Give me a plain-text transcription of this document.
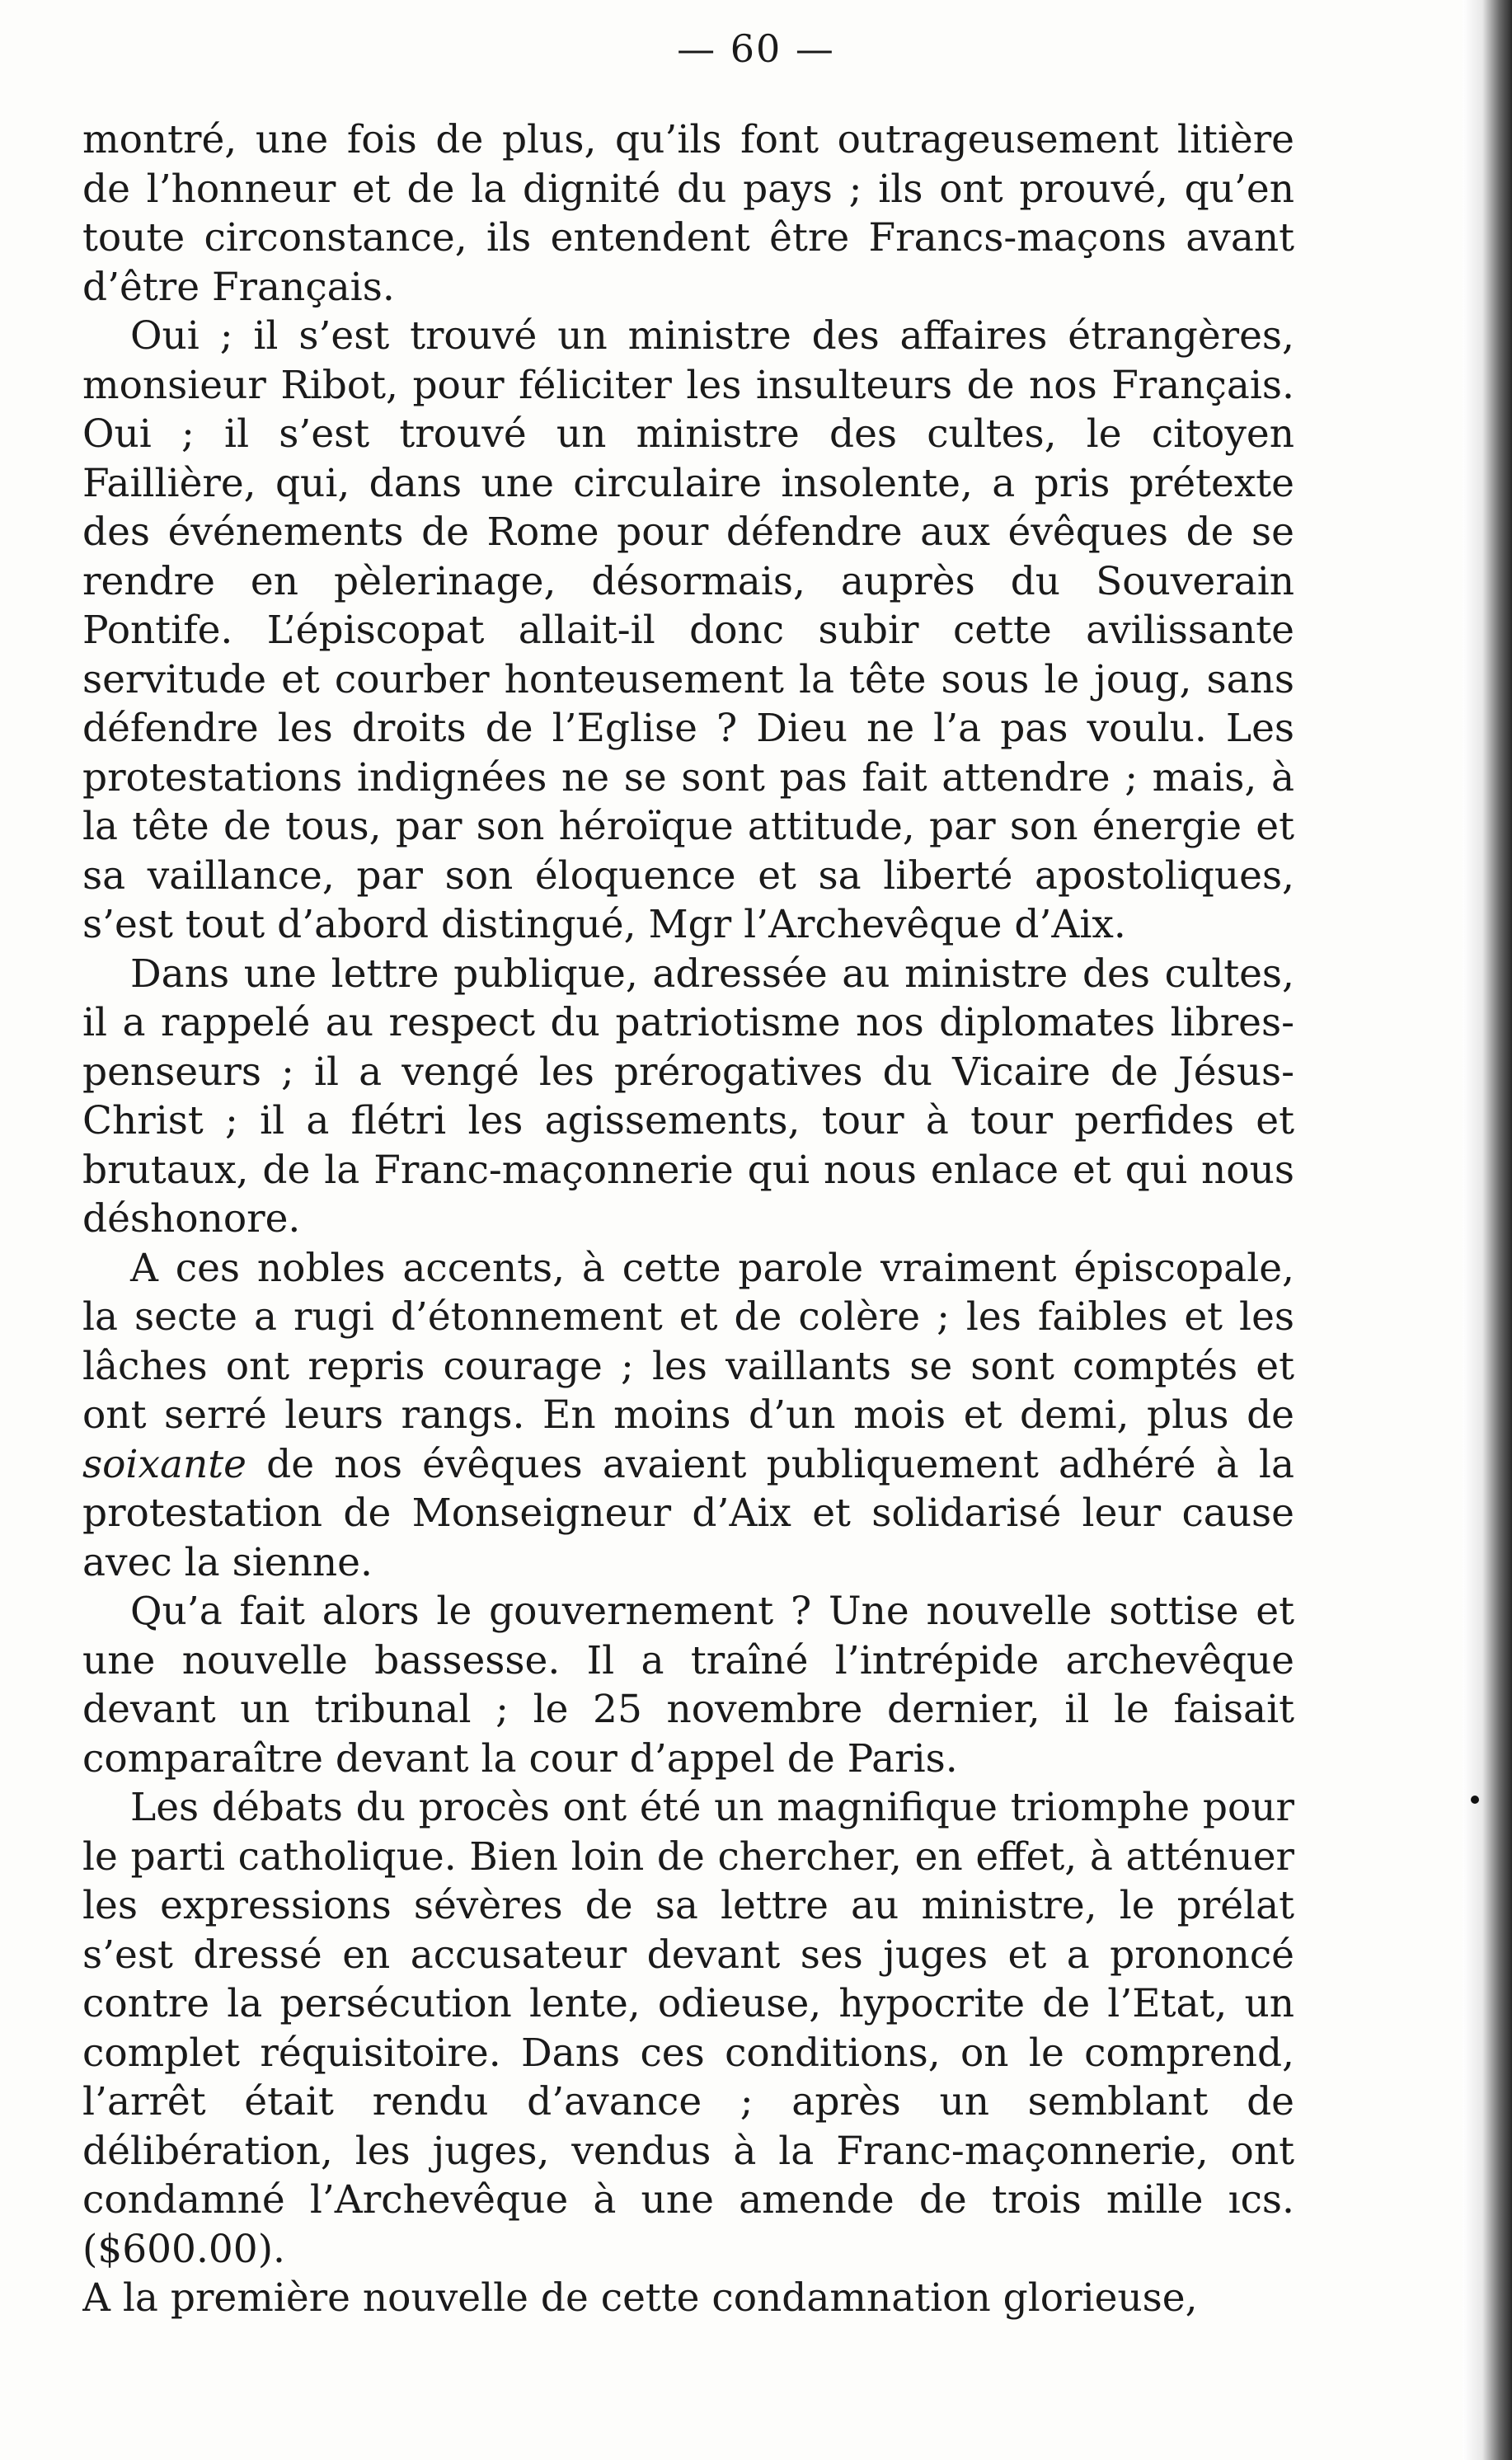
— 60 —

montré, une fois de plus, qu’ils font outrageusement litière de l’honneur et de la dignité du pays ; ils ont prouvé, qu’en toute circonstance, ils entendent être Francs-maçons avant d’être Français.

Oui ; il s’est trouvé un ministre des affaires étrangères, monsieur Ribot, pour féliciter les insulteurs de nos Français. Oui ; il s’est trouvé un ministre des cultes, le citoyen Faillière, qui, dans une circulaire insolente, a pris prétexte des événements de Rome pour défendre aux évêques de se rendre en pèlerinage, désormais, auprès du Souverain Pontife. L’épiscopat allait-il donc subir cette avilissante servitude et courber honteusement la tête sous le joug, sans défendre les droits de l’Eglise ? Dieu ne l’a pas voulu. Les protestations indignées ne se sont pas fait attendre ; mais, à la tête de tous, par son héroïque attitude, par son énergie et sa vaillance, par son éloquence et sa liberté apostoliques, s’est tout d’abord distingué, Mgr l’Archevêque d’Aix.

Dans une lettre publique, adressée au ministre des cultes, il a rappelé au respect du patriotisme nos diplomates libres-penseurs ; il a vengé les prérogatives du Vicaire de Jésus-Christ ; il a flétri les agissements, tour à tour perfides et brutaux, de la Franc-maçonnerie qui nous enlace et qui nous déshonore.

A ces nobles accents, à cette parole vraiment épiscopale, la secte a rugi d’étonnement et de colère ; les faibles et les lâches ont repris courage ; les vaillants se sont comptés et ont serré leurs rangs. En moins d’un mois et demi, plus de soixante de nos évêques avaient publiquement adhéré à la protestation de Monseigneur d’Aix et solidarisé leur cause avec la sienne.

Qu’a fait alors le gouvernement ? Une nouvelle sottise et une nouvelle bassesse. Il a traîné l’intrépide archevêque devant un tribunal ; le 25 novembre dernier, il le faisait comparaître devant la cour d’appel de Paris.

Les débats du procès ont été un magnifique triomphe pour le parti catholique. Bien loin de chercher, en effet, à atténuer les expressions sévères de sa lettre au ministre, le prélat s’est dressé en accusateur devant ses juges et a prononcé contre la persécution lente, odieuse, hypocrite de l’Etat, un complet réquisitoire. Dans ces conditions, on le comprend, l’arrêt était rendu d’avance ; après un semblant de délibération, les juges, vendus à la Franc-maçonnerie, ont condamné l’Archevêque à une amende de trois mille ıcs. ($600.00).

A la première nouvelle de cette condamnation glorieuse,
